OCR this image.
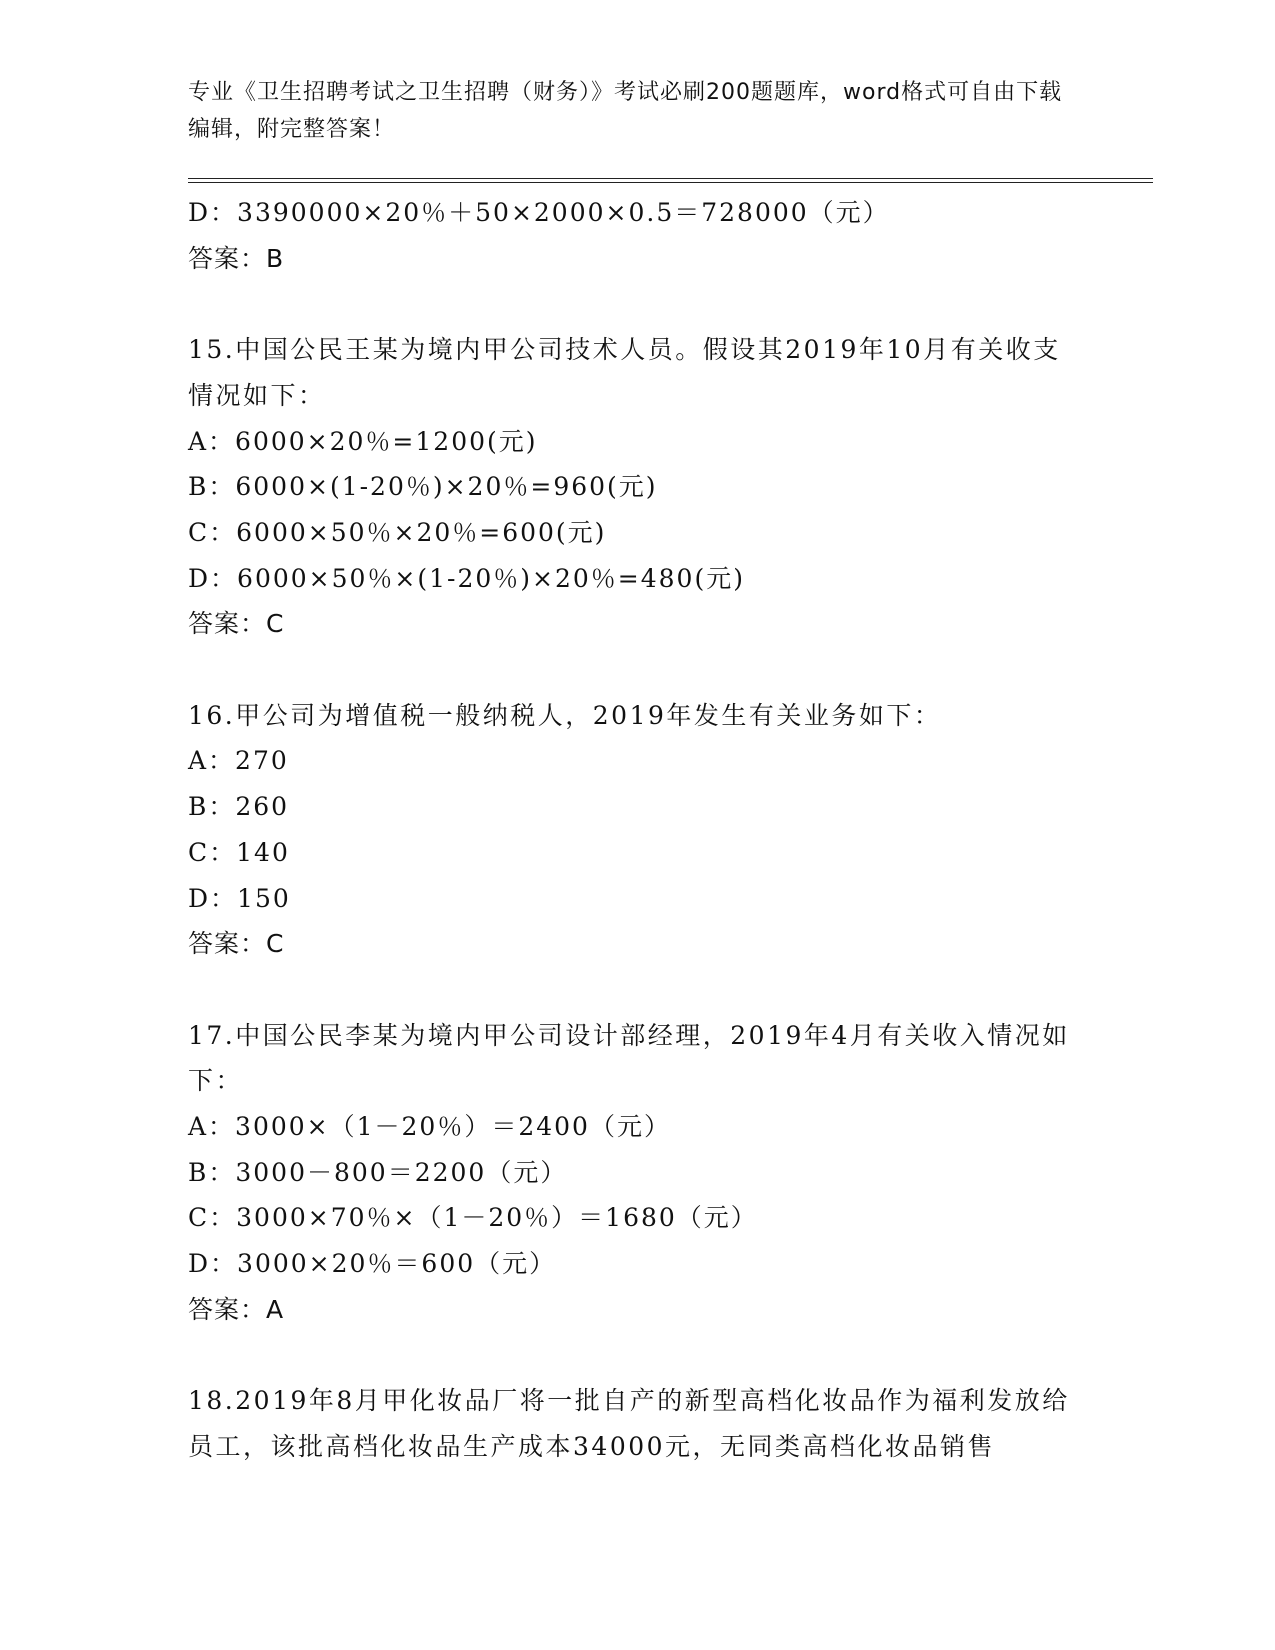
专业《卫生招聘考试之卫生招聘（财务）》考试必刷200题题库，word格式可自由下载编辑，附完整答案！
D：3390000×20％＋50×2000×0.5＝728000（元）
答案：B
15.中国公民王某为境内甲公司技术人员。假设其2019年10月有关收支情况如下：
A：6000×20％=1200(元)
B：6000×(1-20％)×20％=960(元)
C：6000×50％×20％=600(元)
D：6000×50％×(1-20％)×20％=480(元)
答案：C
16.甲公司为增值税一般纳税人，2019年发生有关业务如下：
A：270
B：260
C：140
D：150
答案：C
17.中国公民李某为境内甲公司设计部经理，2019年4月有关收入情况如下：
A：3000×（1－20％）＝2400（元）
B：3000－800＝2200（元）
C：3000×70％×（1－20％）＝1680（元）
D：3000×20％＝600（元）
答案：A
18.2019年8月甲化妆品厂将一批自产的新型高档化妆品作为福利发放给员工，该批高档化妆品生产成本34000元，无同类高档化妆品销售
